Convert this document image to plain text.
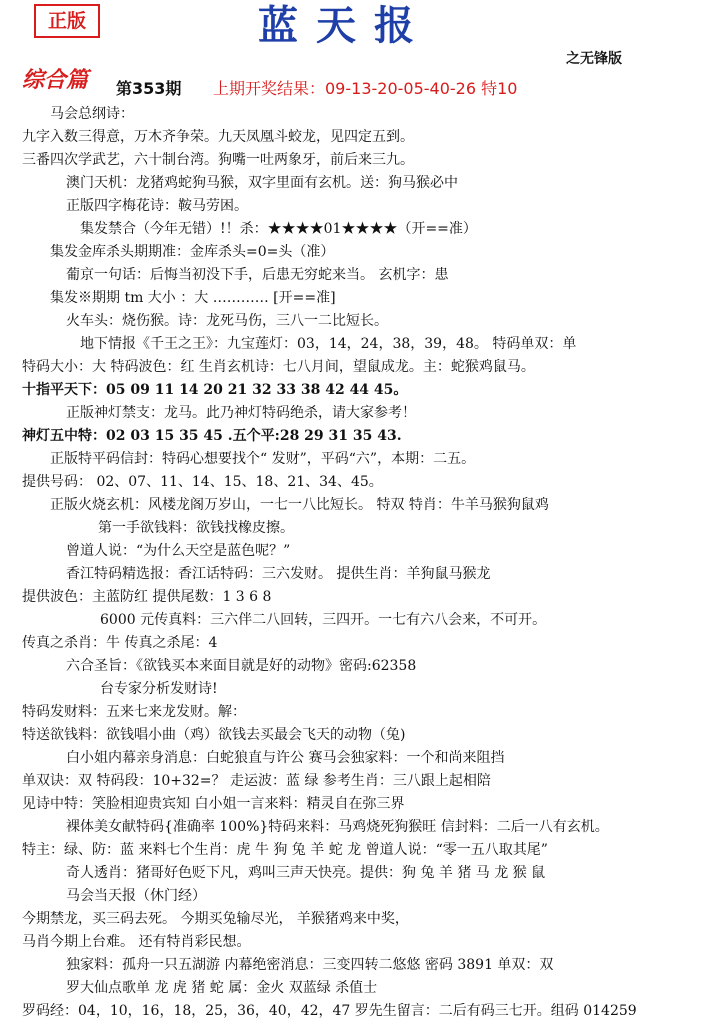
正版	蓝天报
之无锋版
综合篇 第353期 上期开奖结果：09-13-20-05-40-26 特10
马会总纲诗：
九字入数三得意，万木齐争荣。九天凤凰斗蛟龙，见四定五到。
三番四次学武艺，六十制台湾。狗嘴一吐两象牙，前后来三九。
澳门天机：龙猪鸡蛇狗马猴，双字里面有玄机。送：狗马猴必中
正版四字梅花诗：鞍马劳困。
集发禁合（今年无错）!！杀：★★★★01★★★★（开==准）
集发金库杀头期期准：金库杀头=0=头（准）
葡京一句话：后悔当初没下手，后患无穷蛇来当。 玄机字：患
集发※期期 tm 大小 ：大 ………… [开==准]
火车头：烧伤猴。诗：龙死马伤，三八一二比短长。
地下情报《千王之王》：九宝莲灯：03，14，24，38，39，48。 特码单双：单
特码大小：大 特码波色：红 生肖玄机诗：七八月间，望鼠成龙。主：蛇猴鸡鼠马。
十指平天下：05 09 11 14 20 21 32 33 38 42 44 45。
正版神灯禁支：龙马。此乃神灯特码绝杀，请大家参考！
神灯五中特：02 03 15 35 45 .五个平:28 29 31 35 43.
正版特平码信封：特码心想要找个“ 发财”，平码“六”，本期：二五。
提供号码： 02、07、11、14、15、18、21、34、45。
正版火烧玄机：风楼龙阁万岁山，一七一八比短长。 特双 特肖：牛羊马猴狗鼠鸡
第一手欲钱料：欲钱找橡皮擦。
曾道人说：“为什么天空是蓝色呢？”
香江特码精选报：香江话特码：三六发财。 提供生肖：羊狗鼠马猴龙
提供波色：主蓝防红 提供尾数：1 3 6 8
6000 元传真料：三六伴二八回转，三四开。一七有六八会来，不可开。
传真之杀肖：牛 传真之杀尾：4
六合圣旨：《欲钱买本来面目就是好的动物》密码:62358
台专家分析发财诗!
特码发财料：五来七来龙发财。解：
特送欲钱料：欲钱唱小曲（鸡）欲钱去买最会飞天的动物（兔)
白小姐内幕亲身消息：白蛇狼直与许公 赛马会独家料：一个和尚来阻挡
单双诀：双 特码段：10+32=？ 走运波：蓝 绿 参考生肖：三八跟上起相陪
见诗中特：笑脸相迎贵宾知 白小姐一言来料：精灵自在弥三界
裸体美女献特码{准确率 100%}特码来料：马鸡烧死狗猴旺 信封料：二后一八有玄机。
特主：绿、防：蓝 来料七个生肖：虎 牛 狗 兔 羊 蛇 龙 曾道人说：“零一五八取其尾”
奇人透肖：猪哥好色贬下凡，鸡叫三声天快亮。提供：狗 兔 羊 猪 马 龙 猴 鼠
马会当天报（休门经）
今期禁龙，买三码去死。 今期买兔输尽光， 羊猴猪鸡来中奖，
马肖今期上台难。 还有特肖彩民想。
独家料：孤舟一只五湖游 内幕绝密消息：三变四转二悠悠 密码 3891 单双：双
罗大仙点歌单 龙 虎 猪 蛇 属：金火 双蓝绿 杀值士
罗码经：04，10，16，18，25，36，40，42，47 罗先生留言：二后有码三七开。组码 014259
